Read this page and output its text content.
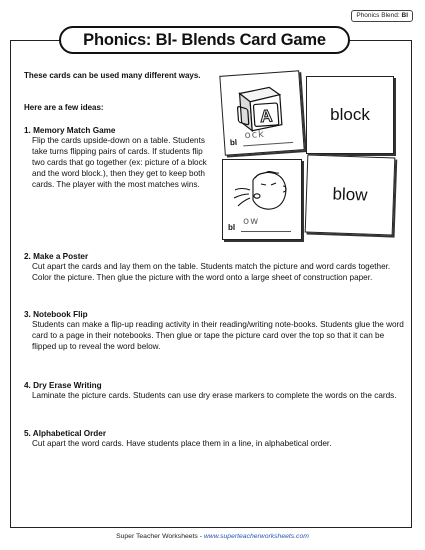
Phonics Blend: Bl
Phonics: Bl- Blends Card Game
These cards can be used many different ways.
Here are a few ideas:
1. Memory Match Game
Flip the cards upside-down on a table. Students take turns flipping pairs of cards. If students flip two cards that go together (ex: picture of a block and the word block.), then they get to keep both cards. The player with the most matches wins.
2. Make a Poster
Cut apart the cards and lay them on the table. Students match the picture and word cards together. Color the picture. Then glue the picture with the word onto a large sheet of construction paper.
3. Notebook Flip
Students can make a flip-up reading activity in their reading/writing note-books. Students glue the word card to a page in their notebooks. Then glue or tape the picture card over the top so that it can be flipped up to reveal the word below.
4. Dry Erase Writing
Laminate the picture cards. Students can use dry erase markers to complete the words on the cards.
5. Alphabetical Order
Cut apart the word cards. Have students place them in a line, in alphabetical order.
A
bl
ock
block
bl
ow
blow
Super Teacher Worksheets - www.superteacherworksheets.com
